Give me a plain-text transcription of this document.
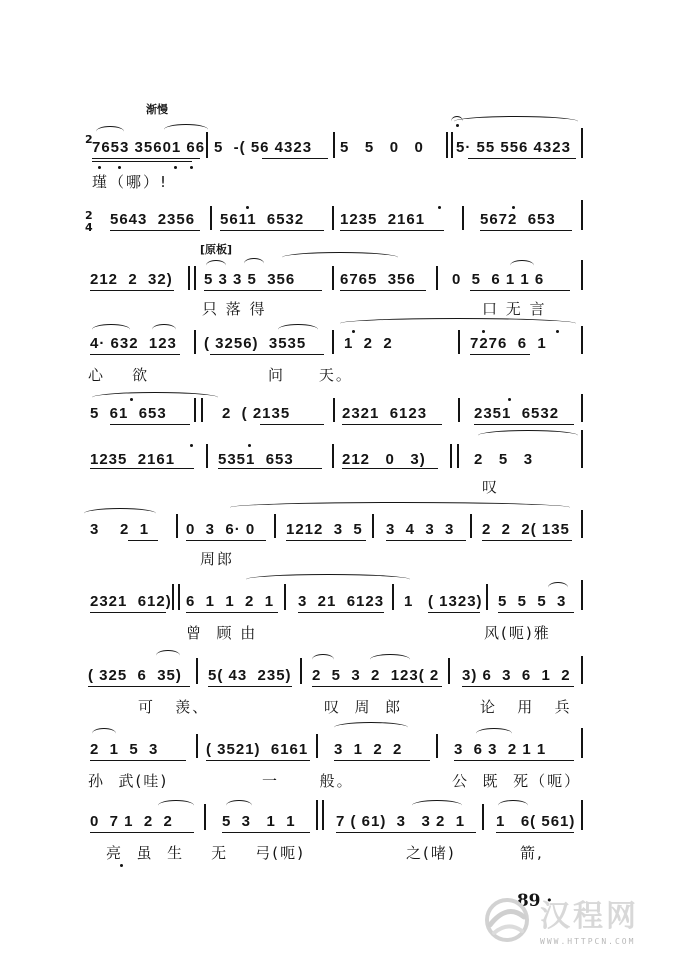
渐慢
[原板]
2 7653 35601 66 5  -( 56 4323 5   5   0   0 5· 55 556 4323
瑾（哪）!
2
4 5643  2356 5611  6532 1235  2161	5672  653
212  2  32) 5 3 3 5  356	6765  356 0  5  6 1 1 6
只 落 得	口 无 言
4· 632  123 ( 3256)  3535	1  2  2	7276  6  1
心    欲	问     天。
5  61  653	2  ( 2135	2321  6123	2351  6532
1235  2161	5351  653	212   0   3)	2   5   3
叹
3    2  1 0  3  6· 0 1212  3  5 3  4  3  3 2  2  2( 135
周郎
2321  612) 6  1  1  2  1 3  21  6123 1 ( 1323) 5  5  5  3
曾  顾 由	风(呃)雅
( 325  6  35) 5( 43  235) 2  5  3  2  123( 2 3) 6  3  6  1  2
可   羡、	叹  周  郎	论   用   兵
2  1  5  3	( 3521)  6161 3  1  2  2	3  6 3  2 1 1
孙  武(哇)	一      般。	公  既  死（呃）
0  7 1  2  2	5  3   1  1	7 ( 61)  3   3 2  1 1   6( 561)
亮  虽  生    无    弓(呃)	之(啫)	箭,
· 89 ·
汉程网
WWW.HTTPCN.COM
